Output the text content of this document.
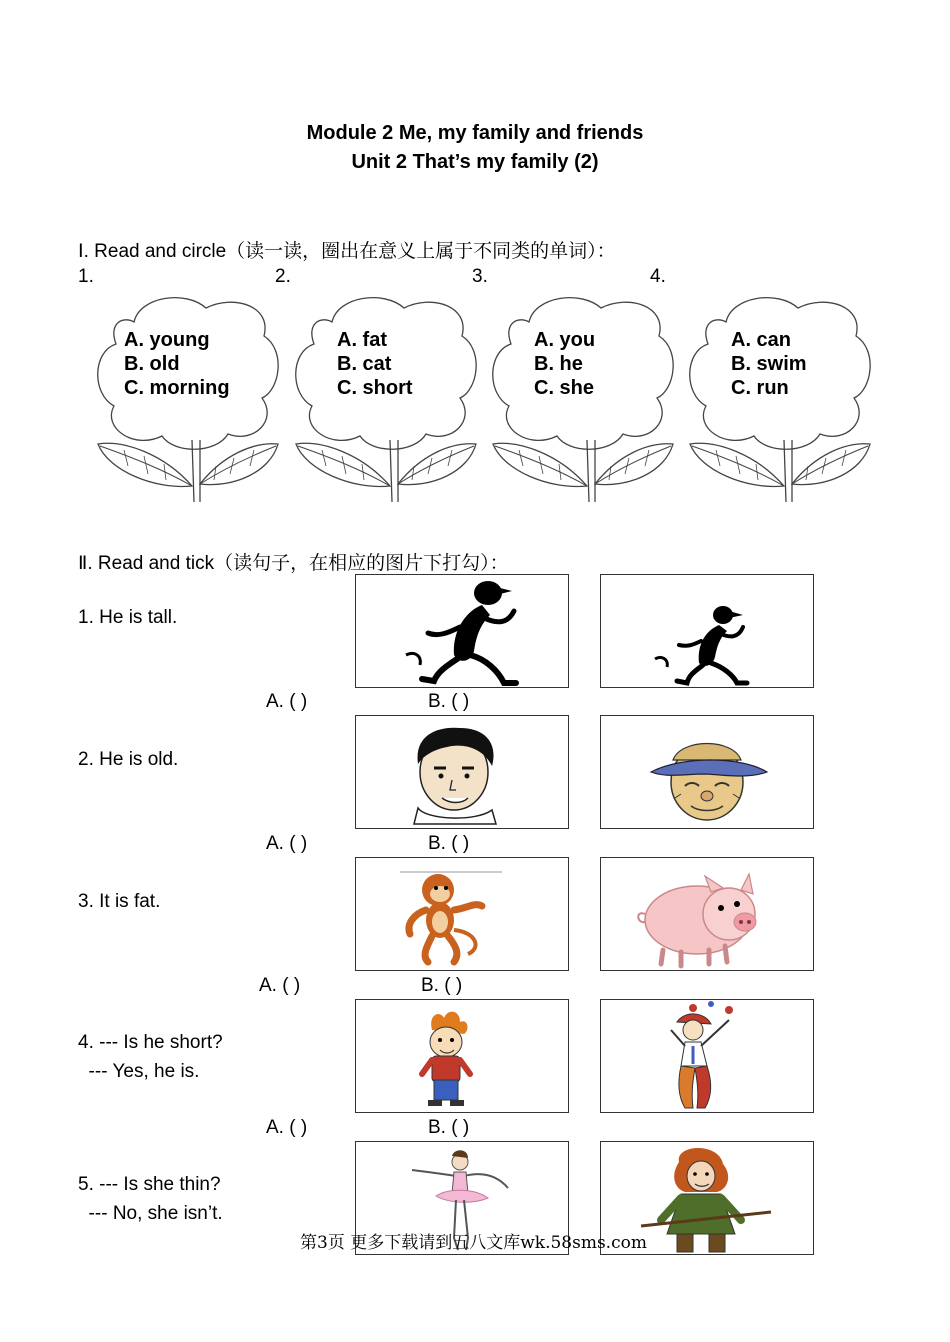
Module 2 Me, my family and friends
Unit 2 That’s my family (2)
Ⅰ. Read and circle（读一读，圈出在意义上属于不同类的单词）：
1.	2.	3.	4.
A. young
B. old
C. morning
A. fat
B. cat
C. short
A. you
B. he
C. she
A. can
B. swim
C. run
Ⅱ. Read and tick（读句子，在相应的图片下打勾）：
1. He is tall.
A. ( )	B. ( )
2. He is old.
A. ( )	B. ( )
3. It is fat.
A. ( )	B. ( )
4. --- Is he short?
--- Yes, he is.
A. ( )	B. ( )
5. --- Is she thin?
--- No, she isn’t.
第3页 更多下载请到五八文库wk.58sms.com
